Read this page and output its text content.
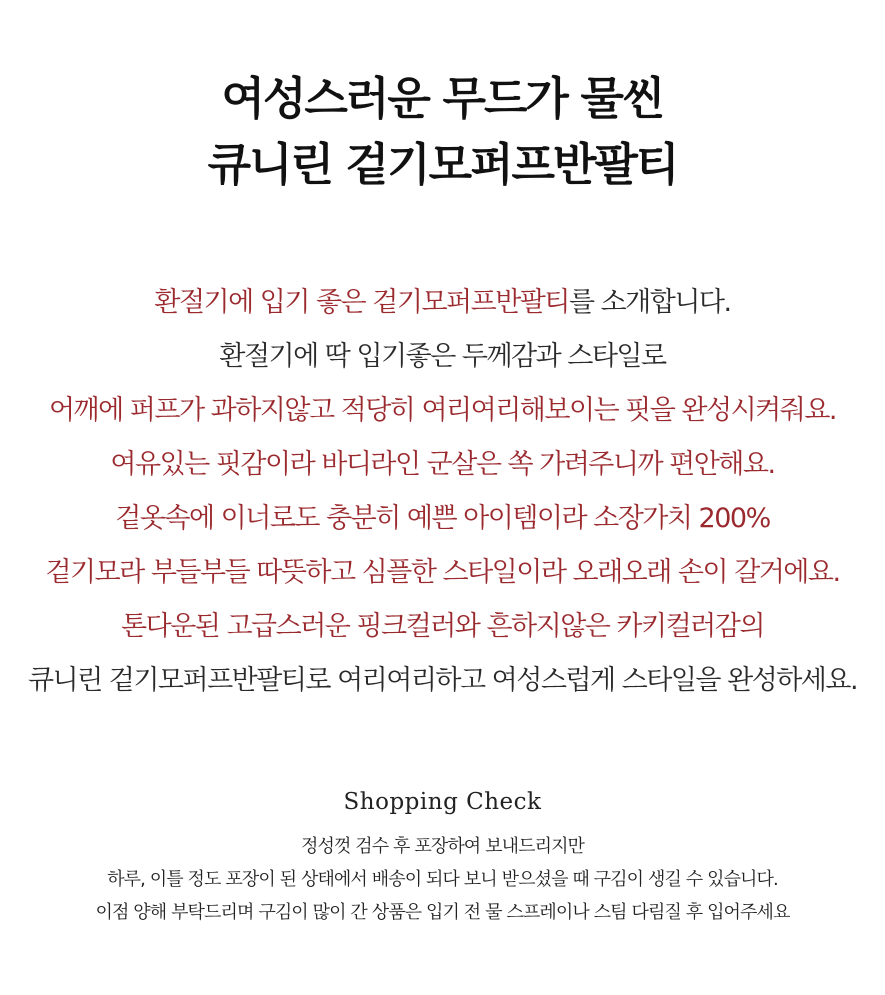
여성스러운 무드가 물씬
큐니린 겉기모퍼프반팔티
환절기에 입기 좋은 겉기모퍼프반팔티를 소개합니다.
환절기에 딱 입기좋은 두께감과 스타일로
어깨에 퍼프가 과하지않고 적당히 여리여리해보이는 핏을 완성시켜줘요.
여유있는 핏감이라 바디라인 군살은 쏙 가려주니까 편안해요.
겉옷속에 이너로도 충분히 예쁜 아이템이라 소장가치 200%
겉기모라 부들부들 따뜻하고 심플한 스타일이라 오래오래 손이 갈거에요.
톤다운된 고급스러운 핑크컬러와 흔하지않은 카키컬러감의
큐니린 겉기모퍼프반팔티로 여리여리하고 여성스럽게 스타일을 완성하세요.
Shopping Check
정성껏 검수 후 포장하여 보내드리지만
하루, 이틀 정도 포장이 된 상태에서 배송이 되다 보니 받으셨을 때 구김이 생길 수 있습니다.
이점 양해 부탁드리며 구김이 많이 간 상품은 입기 전 물 스프레이나 스팀 다림질 후 입어주세요
